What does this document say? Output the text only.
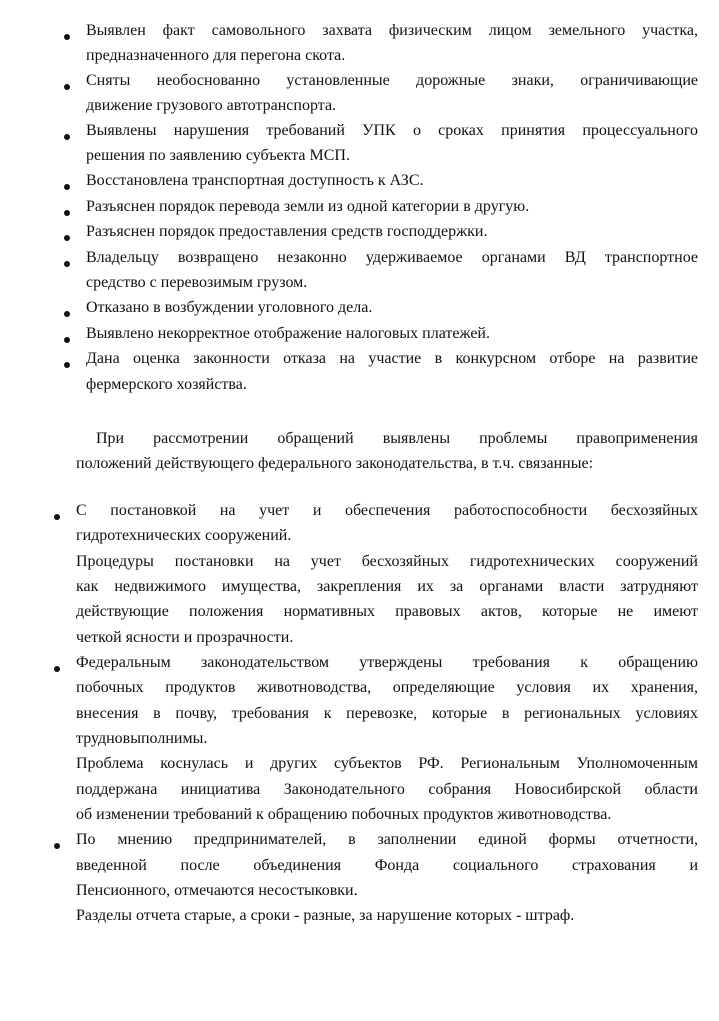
Выявлен факт самовольного захвата физическим лицом земельного участка,
предназначенного для перегона скота.
Сняты необоснованно установленные дорожные знаки, ограничивающие
движение грузового автотранспорта.
Выявлены нарушения требований УПК о сроках принятия процессуального
решения по заявлению субъекта МСП.
Восстановлена транспортная доступность к АЗС.
Разъяснен порядок перевода земли из одной категории в другую.
Разъяснен порядок предоставления средств господдержки.
Владельцу возвращено незаконно удерживаемое органами ВД транспортное
средство с перевозимым грузом.
Отказано в возбуждении уголовного дела.
Выявлено некорректное отображение налоговых платежей.
Дана оценка законности отказа на участие в конкурсном отборе на развитие
фермерского хозяйства.
При рассмотрении обращений выявлены проблемы правоприменения
положений действующего федерального законодательства, в т.ч. связанные:
С постановкой на учет и обеспечения работоспособности бесхозяйных
гидротехнических сооружений.
Процедуры постановки на учет бесхозяйных гидротехнических сооружений
как недвижимого имущества, закрепления их за органами власти затрудняют
действующие положения нормативных правовых актов, которые не имеют
четкой ясности и прозрачности.
Федеральным законодательством утверждены требования к обращению
побочных продуктов животноводства, определяющие условия их хранения,
внесения в почву, требования к перевозке, которые в региональных условиях
трудновыполнимы.
Проблема коснулась и других субъектов РФ. Региональным Уполномоченным
поддержана инициатива Законодательного собрания Новосибирской области
об изменении требований к обращению побочных продуктов животноводства.
По мнению предпринимателей, в заполнении единой формы отчетности,
введенной после объединения Фонда социального страхования и
Пенсионного, отмечаются несостыковки.
Разделы отчета старые, а сроки - разные, за нарушение которых - штраф.
